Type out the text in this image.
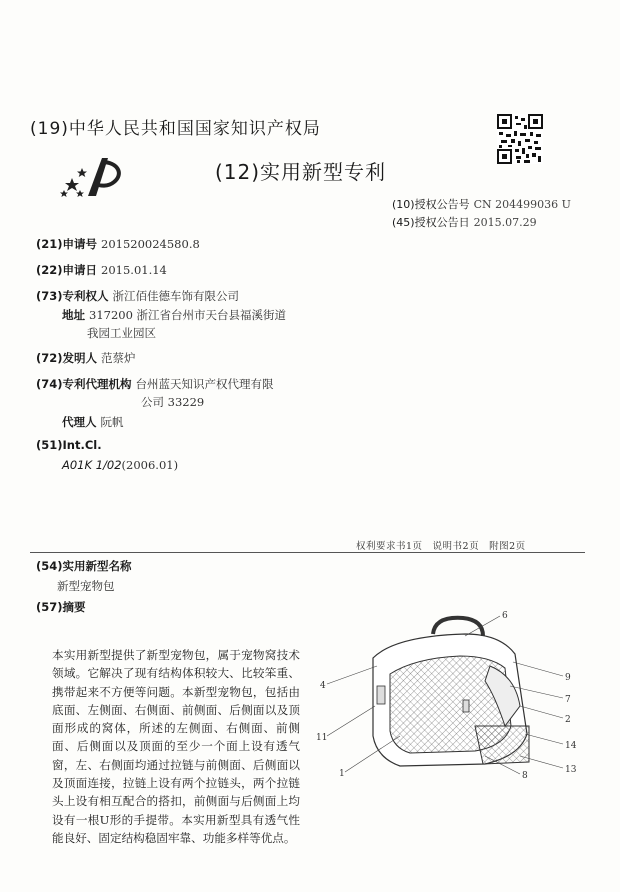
(19)中华人民共和国国家知识产权局
(12)实用新型专利
(10)授权公告号 CN 204499036 U
(45)授权公告日 2015.07.29
(21)申请号 201520024580.8
(22)申请日 2015.01.14
(73)专利权人 浙江佰佳德车饰有限公司
地址 317200 浙江省台州市天台县福溪街道
我园工业园区
(72)发明人 范蔡炉
(74)专利代理机构 台州蓝天知识产权代理有限
公司 33229
代理人 阮帆
(51)Int.Cl.
A01K 1/02(2006.01)
权利要求书1页 说明书2页 附图2页
(54)实用新型名称
新型宠物包
(57)摘要
本实用新型提供了新型宠物包，属于宠物窝技术领域。它解决了现有结构体积较大、比较笨重、携带起来不方便等问题。本新型宠物包，包括由底面、左侧面、右侧面、前侧面、后侧面以及顶面形成的窝体，所述的左侧面、右侧面、前侧面、后侧面以及顶面的至少一个面上设有透气窗，左、右侧面均通过拉链与前侧面、后侧面以及顶面连接，拉链上设有两个拉链头，两个拉链头上设有相互配合的搭扣，前侧面与后侧面上均设有一根U形的手提带。本实用新型具有透气性能良好、固定结构稳固牢靠、功能多样等优点。
6
4
9
7
2
11
14
13
8
1
